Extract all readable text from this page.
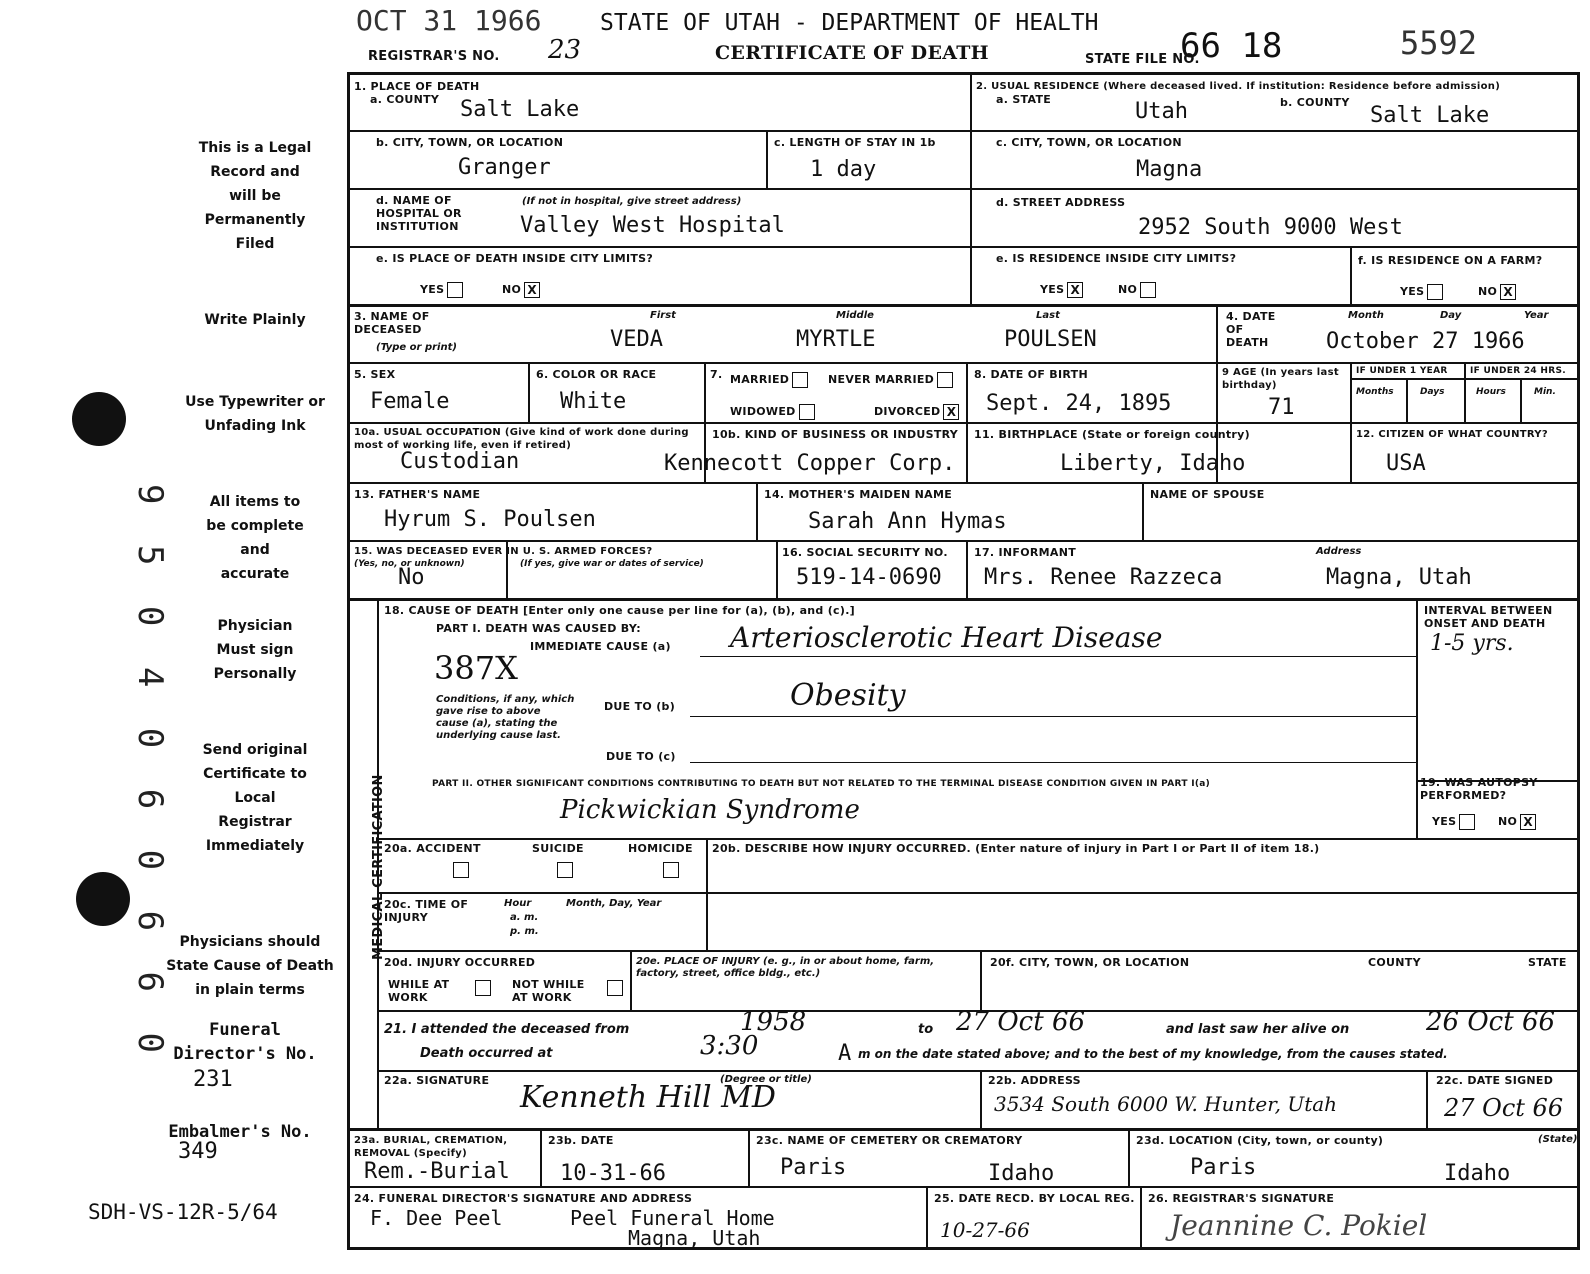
OCT 31 1966	STATE OF UTAH - DEPARTMENT OF HEALTH
REGISTRAR'S NO. 23	CERTIFICATE OF DEATH	STATE FILE NO.
66 18	5592
This is a Legal Record and will be Permanently Filed
Write Plainly
Use Typewriter or Unfading Ink
All items to be complete and accurate
Physician Must sign Personally
Send original Certificate to Local Registrar Immediately
Physicians should State Cause of Death in plain terms
Funeral Director's No.
231
Embalmer's No.
349
SDH-VS-12R-5/64
9 5 0 4 0 6 0 6 6 0
1. PLACE OF DEATH
a. COUNTY Salt Lake
2. USUAL RESIDENCE (Where deceased lived. If institution: Residence before admission)
a. STATE	Utah	b. COUNTY
Salt Lake
b. CITY, TOWN, OR LOCATION
Granger
c. LENGTH OF STAY IN 1b
1 day
c. CITY, TOWN, OR LOCATION
Magna
d. NAME OF HOSPITAL OR INSTITUTION
(If not in hospital, give street address)
Valley West Hospital
d. STREET ADDRESS
2952 South 9000 West
e. IS PLACE OF DEATH INSIDE CITY LIMITS?
YES	NO X
e. IS RESIDENCE INSIDE CITY LIMITS?
YES X	NO
f. IS RESIDENCE ON A FARM?
YES	NO X
3. NAME OF DECEASED
(Type or print)
First	Middle	Last
VEDA	MYRTLE	POULSEN
4. DATE OF DEATH
Month	Day	Year
October 27 1966
5. SEX
Female
6. COLOR OR RACE
White
7. MARRIED	NEVER MARRIED
WIDOWED	DIVORCED X
8. DATE OF BIRTH
Sept. 24, 1895
9 AGE (In years last birthday)
71
IF UNDER 1 YEAR IF UNDER 24 HRS.
Months	Days	Hours	Min.
10a. USUAL OCCUPATION (Give kind of work done during most of working life, even if retired)
Custodian
10b. KIND OF BUSINESS OR INDUSTRY
Kennecott Copper Corp.
11. BIRTHPLACE (State or foreign country)
Liberty, Idaho
12. CITIZEN OF WHAT COUNTRY?
USA
13. FATHER'S NAME
Hyrum S. Poulsen
14. MOTHER'S MAIDEN NAME
Sarah Ann Hymas
NAME OF SPOUSE
15. WAS DECEASED EVER IN U. S. ARMED FORCES?
(Yes, no, or unknown)	(If yes, give war or dates of service)
No
16. SOCIAL SECURITY NO.
519-14-0690
17. INFORMANT	Address
Mrs. Renee Razzeca	Magna, Utah
MEDICAL CERTIFICATION
18. CAUSE OF DEATH [Enter only one cause per line for (a), (b), and (c).]
PART I. DEATH WAS CAUSED BY:
IMMEDIATE CAUSE (a) Arteriosclerotic Heart Disease
387X
Conditions, if any, which gave rise to above cause (a), stating the underlying cause last.
DUE TO (b)	Obesity
DUE TO (c)
INTERVAL BETWEEN ONSET AND DEATH
1-5 yrs.
PART II. OTHER SIGNIFICANT CONDITIONS CONTRIBUTING TO DEATH BUT NOT RELATED TO THE TERMINAL DISEASE CONDITION GIVEN IN PART I(a)
Pickwickian Syndrome
19. WAS AUTOPSY PERFORMED?
YES	NO X
20a. ACCIDENT	SUICIDE	HOMICIDE 20b. DESCRIBE HOW INJURY OCCURRED. (Enter nature of injury in Part I or Part II of item 18.)
20c. TIME OF INJURY
Hour
a. m.
p. m.
Month, Day, Year
20d. INJURY OCCURRED
WHILE AT WORK
NOT WHILE AT WORK
20e. PLACE OF INJURY (e. g., in or about home, farm, factory, street, office bldg., etc.)
20f. CITY, TOWN, OR LOCATION	COUNTY	STATE
21. I attended the deceased from	1958	to 27 Oct 66	and last saw her alive on	26 Oct 66
Death occurred at	3:30	A m on the date stated above; and to the best of my knowledge, from the causes stated.
22a. SIGNATURE	(Degree or title)
Kenneth Hill MD	22b. ADDRESS
3534 South 6000 W. Hunter, Utah
22c. DATE SIGNED
27 Oct 66
23a. BURIAL, CREMATION, REMOVAL (Specify)
Rem.-Burial
23b. DATE
10-31-66
23c. NAME OF CEMETERY OR CREMATORY
Paris	Idaho
23d. LOCATION (City, town, or county)	(State)
Paris	Idaho
24. FUNERAL DIRECTOR'S SIGNATURE AND ADDRESS
F. Dee Peel	Peel Funeral Home
Magna, Utah
25. DATE RECD. BY LOCAL REG.
10-27-66
26. REGISTRAR'S SIGNATURE
Jeannine C. Pokiel
